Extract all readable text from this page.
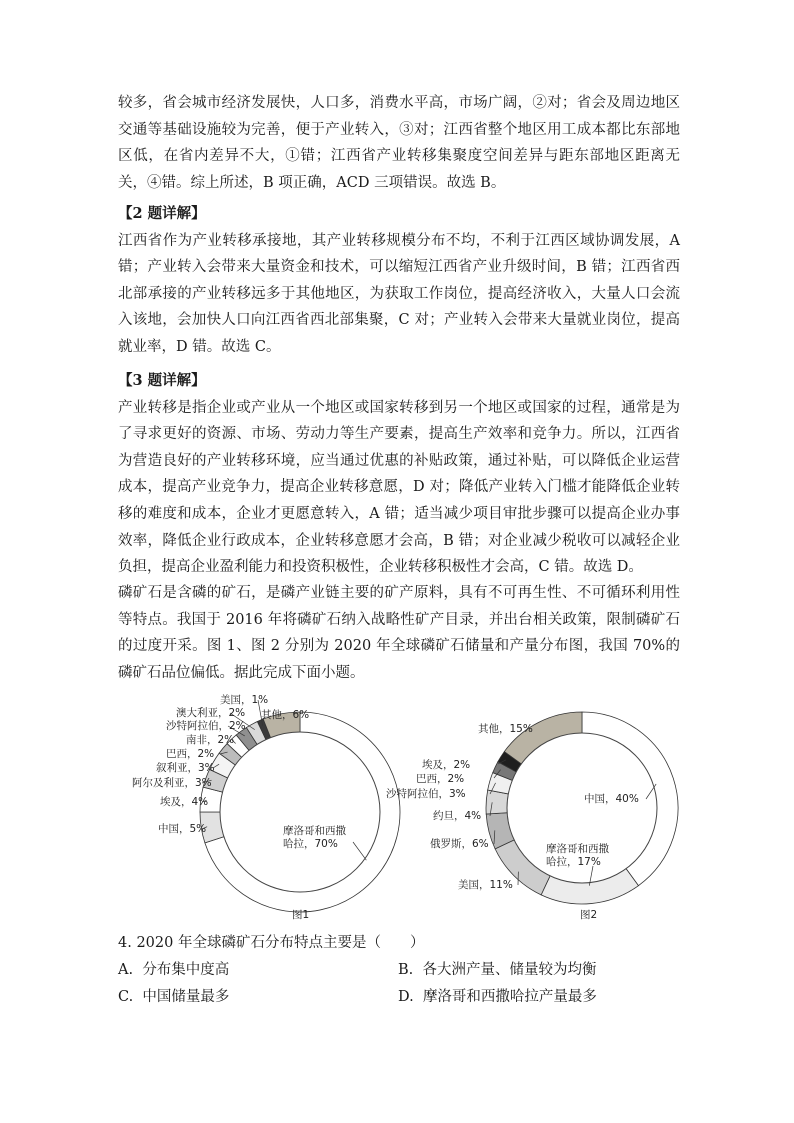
较多，省会城市经济发展快，人口多，消费水平高，市场广阔，②对；省会及周边地区交通等基础设施较为完善，便于产业转入，③对；江西省整个地区用工成本都比东部地区低，在省内差异不大，①错；江西省产业转移集聚度空间差异与距东部地区距离无关，④错。综上所述，B 项正确，ACD 三项错误。故选 B。

【2 题详解】

江西省作为产业转移承接地，其产业转移规模分布不均，不利于江西区域协调发展，A 错；产业转入会带来大量资金和技术，可以缩短江西省产业升级时间，B 错；江西省西北部承接的产业转移远多于其他地区，为获取工作岗位，提高经济收入，大量人口会流入该地，会加快人口向江西省西北部集聚，C 对；产业转入会带来大量就业岗位，提高就业率，D 错。故选 C。

【3 题详解】

产业转移是指企业或产业从一个地区或国家转移到另一个地区或国家的过程，通常是为了寻求更好的资源、市场、劳动力等生产要素，提高生产效率和竞争力。所以，江西省为营造良好的产业转移环境，应当通过优惠的补贴政策，通过补贴，可以降低企业运营成本，提高产业竞争力，提高企业转移意愿，D 对；降低产业转入门槛才能降低企业转移的难度和成本，企业才更愿意转入，A 错；适当减少项目审批步骤可以提高企业办事效率，降低企业行政成本，企业转移意愿才会高，B 错；对企业减少税收可以减轻企业负担，提高企业盈利能力和投资积极性，企业转移积极性才会高，C 错。故选 D。

磷矿石是含磷的矿石，是磷产业链主要的矿产原料，具有不可再生性、不可循环利用性等特点。我国于 2016 年将磷矿石纳入战略性矿产目录，并出台相关政策，限制磷矿石的过度开采。图 1、图 2 分别为 2020 年全球磷矿石储量和产量分布图，我国 70%的磷矿石品位偏低。据此完成下面小题。

摩洛哥和西撒
哈拉，70%
中国，5%
埃及，4%
阿尔及利亚，3%
叙利亚，3%
巴西，2%
南非，2%
沙特阿拉伯，2%
澳大利亚，2%
美国，1%
其他，6%
图1
中国，40%
摩洛哥和西撒
哈拉，17%
美国，11%
俄罗斯，6%
约旦，4%
沙特阿拉伯，3%
巴西，2%
埃及，2%
其他，15%
图2
4. 2020 年全球磷矿石分布特点主要是（　　）
A. 分布集中度高	B. 各大洲产量、储量较为均衡
C. 中国储量最多	D. 摩洛哥和西撒哈拉产量最多
